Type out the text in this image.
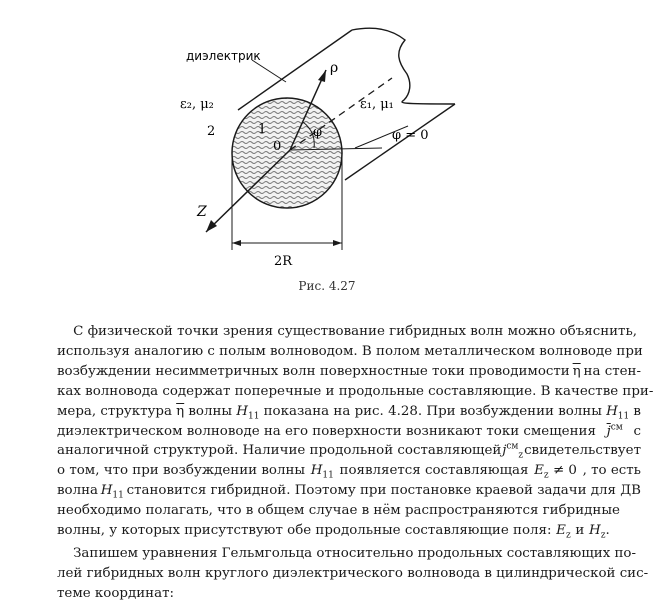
диэлектрик
ρ
ε₂, μ₂	ε₁, μ₁
2	1	φ
0
φ = 0
Z
2R
Рис. 4.27
С физической точки зрения существование гибридных волн можно объяснить,
используя аналогию с полым волноводом. В полом металлическом волноводе при
возбуждении несимметричных волн поверхностные токи проводимости $\overline{\eta}$ на стен-
ках волновода содержат поперечные и продольные составляющие. В качестве при-
мера, структура $\overline{\eta}$ волны $H_{11}$ показана на рис. 4.28. При возбуждении волны $H_{11}$ в
диэлектрическом волноводе на его поверхности возникают токи смещения $\overline{j}^{см}$ с
аналогичной структурой. Наличие продольной составляющей $j^{см}_z$ свидетельствует
о том, что при возбуждении волны $H_{11}$ появляется составляющая $E_z \ne 0$ , то есть
волна $H_{11}$ становится гибридной. Поэтому при постановке краевой задачи для ДВ
необходимо полагать, что в общем случае в нём распространяются гибридные
волны, у которых присутствуют обе продольные составляющие поля: $E_z$ и $H_z$.
Запишем уравнения Гельмгольца относительно продольных составляющих по-
лей гибридных волн круглого диэлектрического волновода в цилиндрической сис-
теме координат:
